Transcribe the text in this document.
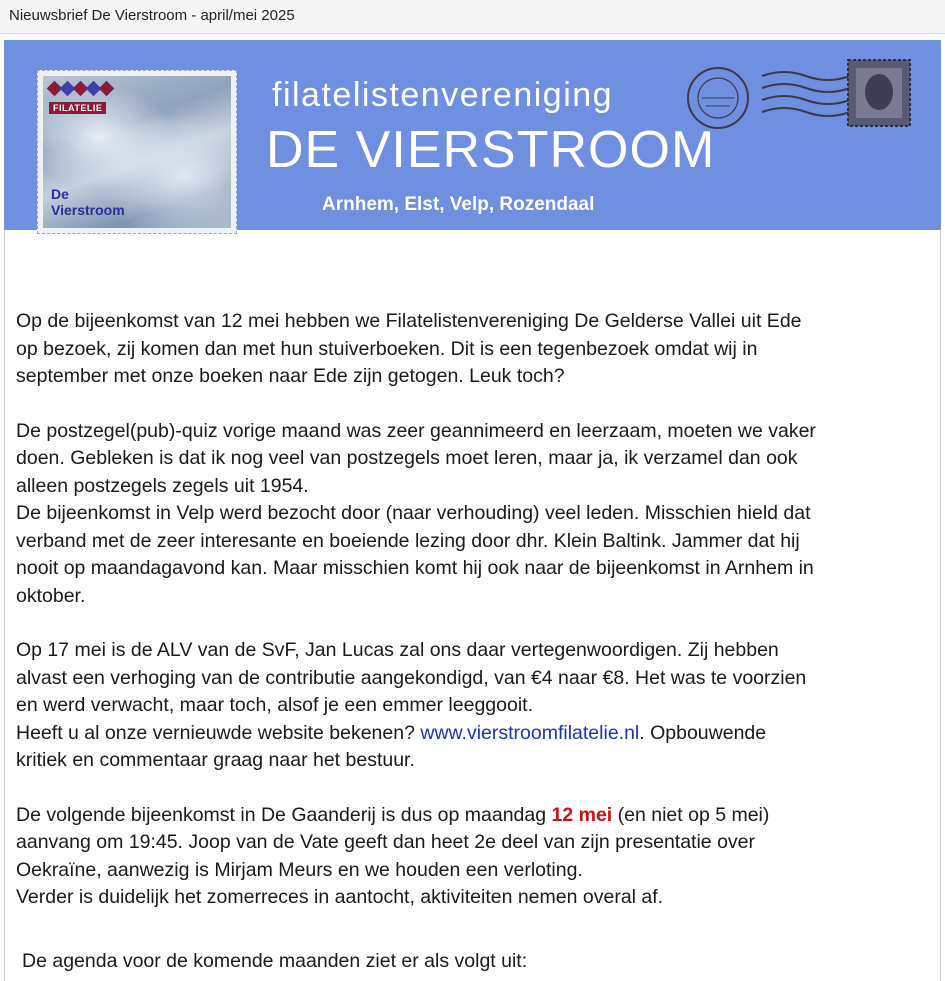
Nieuwsbrief De Vierstroom - april/mei 2025
FILATELIE
De
Vierstroom
filatelistenvereniging
DE VIERSTROOM
Arnhem, Elst, Velp, Rozendaal
Op de bijeenkomst van 12 mei hebben we Filatelistenvereniging De Gelderse Vallei uit Ede
op bezoek, zij komen dan met hun stuiverboeken. Dit is een tegenbezoek omdat wij in
september met onze boeken naar Ede zijn getogen. Leuk toch?
De postzegel(pub)-quiz vorige maand was zeer geannimeerd en leerzaam, moeten we vaker
doen. Gebleken is dat ik nog veel van postzegels moet leren, maar ja, ik verzamel dan ook
alleen postzegels zegels uit 1954.
De bijeenkomst in Velp werd bezocht door (naar verhouding) veel leden. Misschien hield dat
verband met de zeer interesante en boeiende lezing door dhr. Klein Baltink. Jammer dat hij
nooit op maandagavond kan. Maar misschien komt hij ook naar de bijeenkomst in Arnhem in
oktober.
Op 17 mei is de ALV van de SvF, Jan Lucas zal ons daar vertegenwoordigen. Zij hebben
alvast een verhoging van de contributie aangekondigd, van €4 naar €8. Het was te voorzien
en werd verwacht, maar toch, alsof je een emmer leeggooit.
Heeft u al onze vernieuwde website bekenen? www.vierstroomfilatelie.nl. Opbouwende
kritiek en commentaar graag naar het bestuur.
De volgende bijeenkomst in De Gaanderij is dus op maandag 12 mei (en niet op 5 mei)
aanvang om 19:45. Joop van de Vate geeft dan heet 2e deel van zijn presentatie over
Oekraïne, aanwezig is Mirjam Meurs en we houden een verloting.
Verder is duidelijk het zomerreces in aantocht, aktiviteiten nemen overal af.
De agenda voor de komende maanden ziet er als volgt uit:
